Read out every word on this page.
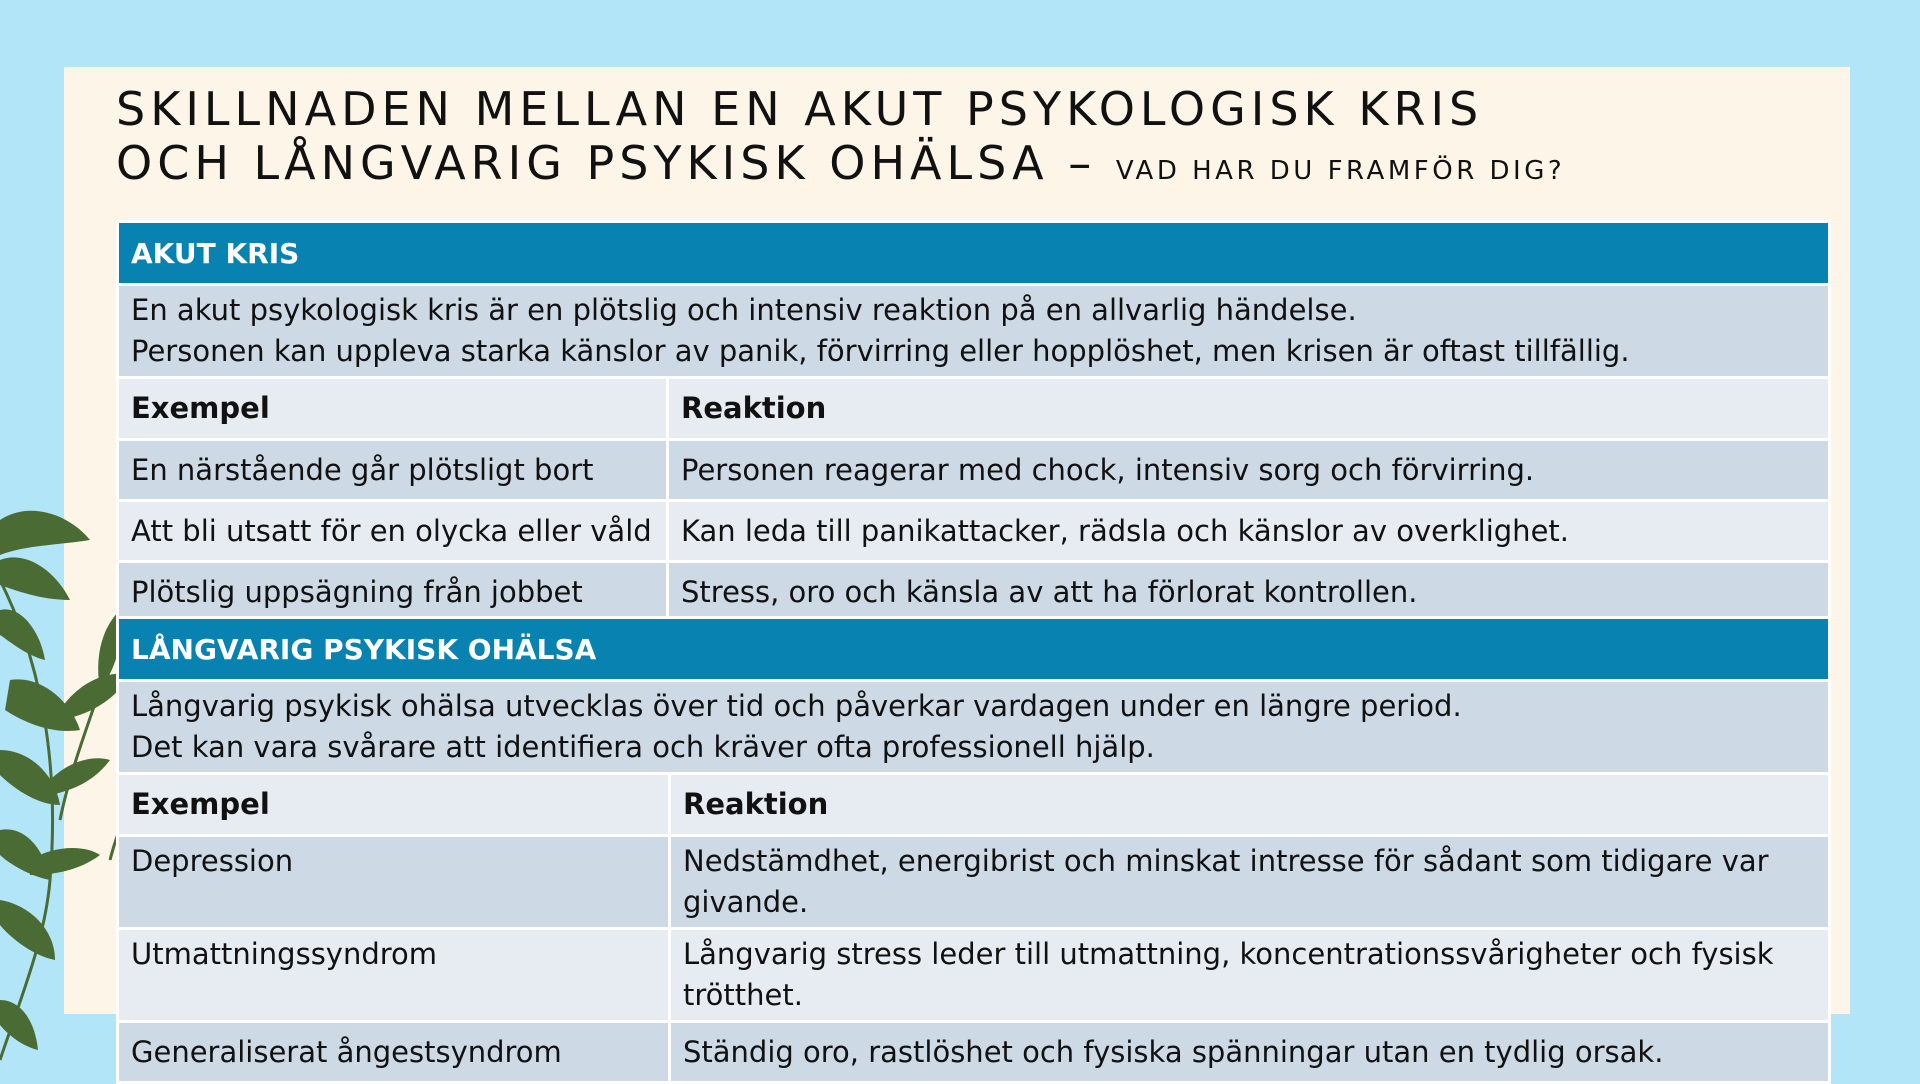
SKILLNADEN MELLAN EN AKUT PSYKOLOGISK KRIS
OCH LÅNGVARIG PSYKISK OHÄLSA – VAD HAR DU FRAMFÖR DIG?
AKUT KRIS	
En akut psykologisk kris är en plötslig och intensiv reaktion på en allvarlig händelse.
Personen kan uppleva starka känslor av panik, förvirring eller hopplöshet, men krisen är oftast tillfällig.	
Exempel	Reaktion
En närstående går plötsligt bort	Personen reagerar med chock, intensiv sorg och förvirring.
Att bli utsatt för en olycka eller våld	Kan leda till panikattacker, rädsla och känslor av overklighet.
Plötslig uppsägning från jobbet	Stress, oro och känsla av att ha förlorat kontrollen.
LÅNGVARIG PSYKISK OHÄLSA	
Långvarig psykisk ohälsa utvecklas över tid och påverkar vardagen under en längre period.
Det kan vara svårare att identifiera och kräver ofta professionell hjälp.	
Exempel	Reaktion
Depression	Nedstämdhet, energibrist och minskat intresse för sådant som tidigare var givande.
Utmattningssyndrom	Långvarig stress leder till utmattning, koncentrationssvårigheter och fysisk trötthet.
Generaliserat ångestsyndrom	Ständig oro, rastlöshet och fysiska spänningar utan en tydlig orsak.
